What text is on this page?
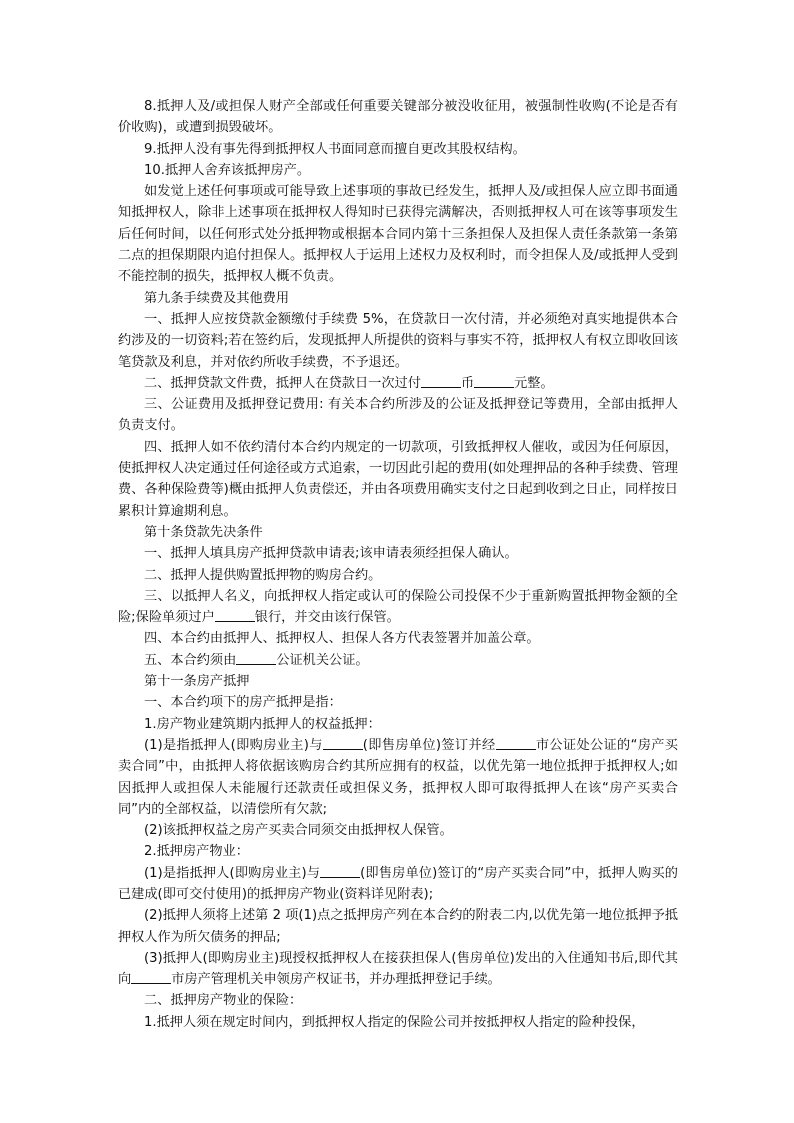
8.抵押人及/或担保人财产全部或任何重要关键部分被没收征用，被强制性收购(不论是否有价收购)，或遭到损毁破坏。

9.抵押人没有事先得到抵押权人书面同意而擅自更改其股权结构。

10.抵押人舍弃该抵押房产。

如发觉上述任何事项或可能导致上述事项的事故已经发生，抵押人及/或担保人应立即书面通知抵押权人，除非上述事项在抵押权人得知时已获得完满解决，否则抵押权人可在该等事项发生后任何时间，以任何形式处分抵押物或根据本合同内第十三条担保人及担保人责任条款第一条第二点的担保期限内追付担保人。抵押权人于运用上述权力及权利时，而令担保人及/或抵押人受到不能控制的损失，抵押权人概不负责。

第九条手续费及其他费用

一、抵押人应按贷款金额缴付手续费 5%，在贷款日一次付清，并必须绝对真实地提供本合约涉及的一切资料;若在签约后，发现抵押人所提供的资料与事实不符，抵押权人有权立即收回该笔贷款及利息，并对依约所收手续费，不予退还。

二、抵押贷款文件费，抵押人在贷款日一次过付	币	元整。

三、公证费用及抵押登记费用: 有关本合约所涉及的公证及抵押登记等费用，全部由抵押人负责支付。

四、抵押人如不依约清付本合约内规定的一切款项，引致抵押权人催收，或因为任何原因，使抵押权人决定通过任何途径或方式追索，一切因此引起的费用(如处理押品的各种手续费、管理费、各种保险费等)概由抵押人负责偿还，并由各项费用确实支付之日起到收到之日止，同样按日累积计算逾期利息。

第十条贷款先决条件

一、抵押人填具房产抵押贷款申请表;该申请表须经担保人确认。

二、抵押人提供购置抵押物的购房合约。

三、以抵押人名义，向抵押权人指定或认可的保险公司投保不少于重新购置抵押物金额的全险;保险单须过户	银行，并交由该行保管。

四、本合约由抵押人、抵押权人、担保人各方代表签署并加盖公章。

五、本合约须由	公证机关公证。

第十一条房产抵押

一、本合约项下的房产抵押是指：

1.房产物业建筑期内抵押人的权益抵押：

(1)是指抵押人(即购房业主)与	(即售房单位)签订并经	市公证处公证的“房产买卖合同”中，由抵押人将依据该购房合约其所应拥有的权益，以优先第一地位抵押于抵押权人;如因抵押人或担保人未能履行还款责任或担保义务，抵押权人即可取得抵押人在该“房产买卖合同”内的全部权益，以清偿所有欠款;

(2)该抵押权益之房产买卖合同须交由抵押权人保管。

2.抵押房产物业：

(1)是指抵押人(即购房业主)与	(即售房单位)签订的“房产买卖合同”中，抵押人购买的已建成(即可交付使用)的抵押房产物业(资料详见附表);

(2)抵押人须将上述第 2 项(1)点之抵押房产列在本合约的附表二内,以优先第一地位抵押予抵押权人作为所欠债务的押品;

(3)抵押人(即购房业主)现授权抵押权人在接获担保人(售房单位)发出的入住通知书后,即代其向	市房产管理机关申领房产权证书，并办理抵押登记手续。

二、抵押房产物业的保险：

1.抵押人须在规定时间内，到抵押权人指定的保险公司并按抵押权人指定的险种投保，
